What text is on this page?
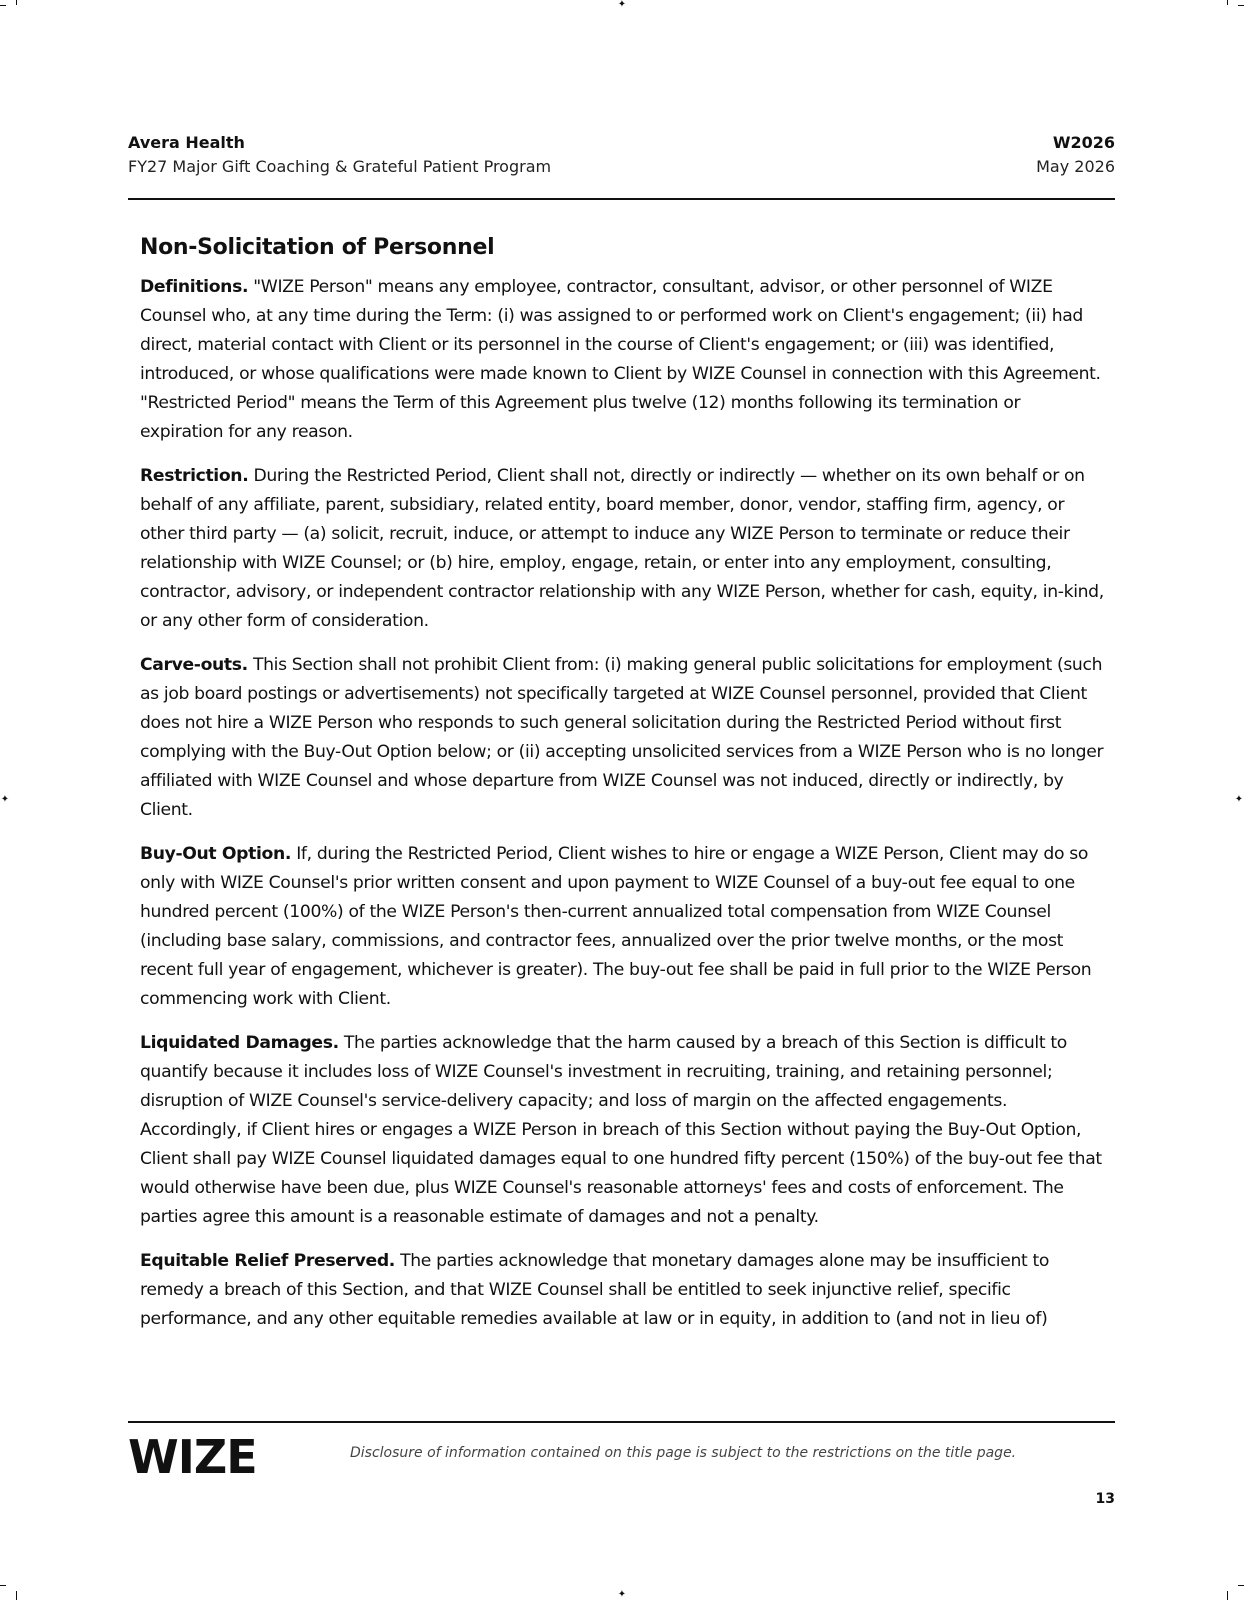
✦
✦
✦	✦
Avera Health
FY27 Major Gift Coaching & Grateful Patient Program
W2026
May 2026
Non-Solicitation of Personnel

Definitions. "WIZE Person" means any employee, contractor, consultant, advisor, or other personnel of WIZE Counsel who, at any time during the Term: (i) was assigned to or performed work on Client's engagement; (ii) had direct, material contact with Client or its personnel in the course of Client's engagement; or (iii) was identified, introduced, or whose qualifications were made known to Client by WIZE Counsel in connection with this Agreement. "Restricted Period" means the Term of this Agreement plus twelve (12) months following its termination or expiration for any reason.

Restriction. During the Restricted Period, Client shall not, directly or indirectly — whether on its own behalf or on behalf of any affiliate, parent, subsidiary, related entity, board member, donor, vendor, staffing firm, agency, or other third party — (a) solicit, recruit, induce, or attempt to induce any WIZE Person to terminate or reduce their relationship with WIZE Counsel; or (b) hire, employ, engage, retain, or enter into any employment, consulting, contractor, advisory, or independent contractor relationship with any WIZE Person, whether for cash, equity, in-kind, or any other form of consideration.

Carve-outs. This Section shall not prohibit Client from: (i) making general public solicitations for employment (such as job board postings or advertisements) not specifically targeted at WIZE Counsel personnel, provided that Client does not hire a WIZE Person who responds to such general solicitation during the Restricted Period without first complying with the Buy-Out Option below; or (ii) accepting unsolicited services from a WIZE Person who is no longer affiliated with WIZE Counsel and whose departure from WIZE Counsel was not induced, directly or indirectly, by Client.

Buy-Out Option. If, during the Restricted Period, Client wishes to hire or engage a WIZE Person, Client may do so only with WIZE Counsel's prior written consent and upon payment to WIZE Counsel of a buy-out fee equal to one hundred percent (100%) of the WIZE Person's then-current annualized total compensation from WIZE Counsel (including base salary, commissions, and contractor fees, annualized over the prior twelve months, or the most recent full year of engagement, whichever is greater). The buy-out fee shall be paid in full prior to the WIZE Person commencing work with Client.

Liquidated Damages. The parties acknowledge that the harm caused by a breach of this Section is difficult to quantify because it includes loss of WIZE Counsel's investment in recruiting, training, and retaining personnel; disruption of WIZE Counsel's service-delivery capacity; and loss of margin on the affected engagements. Accordingly, if Client hires or engages a WIZE Person in breach of this Section without paying the Buy-Out Option, Client shall pay WIZE Counsel liquidated damages equal to one hundred fifty percent (150%) of the buy-out fee that would otherwise have been due, plus WIZE Counsel's reasonable attorneys' fees and costs of enforcement. The parties agree this amount is a reasonable estimate of damages and not a penalty.

Equitable Relief Preserved. The parties acknowledge that monetary damages alone may be insufficient to remedy a breach of this Section, and that WIZE Counsel shall be entitled to seek injunctive relief, specific performance, and any other equitable remedies available at law or in equity, in addition to (and not in lieu of)

WIZE	Disclosure of information contained on this page is subject to the restrictions on the title page.
13
